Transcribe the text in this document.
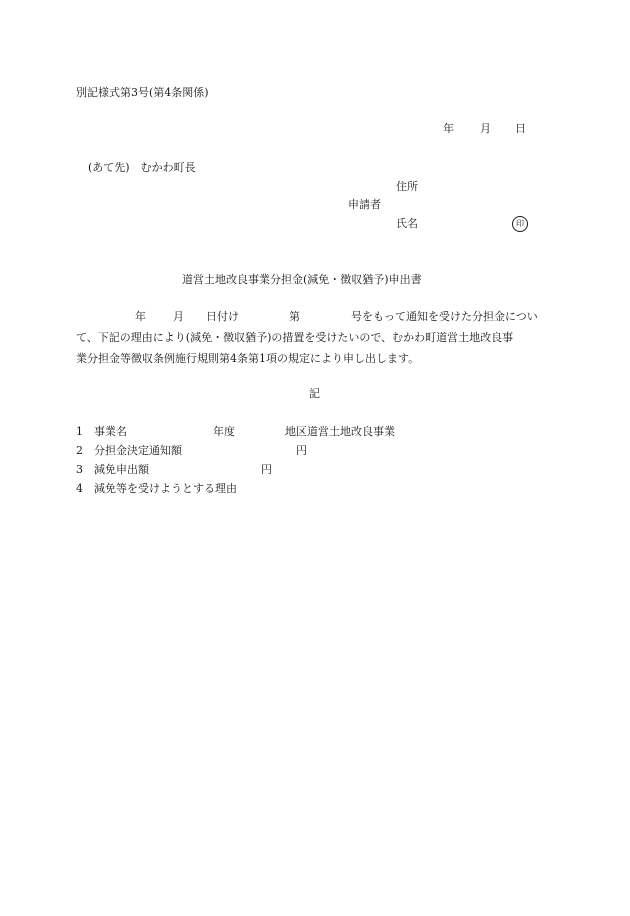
別記様式第3号(第4条関係)
年 月 日
(あて先)　むかわ町長
住所
申請者
氏名	印
道営土地改良事業分担金(減免・徴収猶予)申出書
年 月 日付け	第	号をもって通知を受けた分担金につい
て、下記の理由により(減免・徴収猶予)の措置を受けたいので、むかわ町道営土地改良事
業分担金等徴収条例施行規則第4条第1項の規定により申し出します。
記
1 事業名	年度	地区道営土地改良事業
2 分担金決定通知額	円
3 減免申出額	円
4 減免等を受けようとする理由
